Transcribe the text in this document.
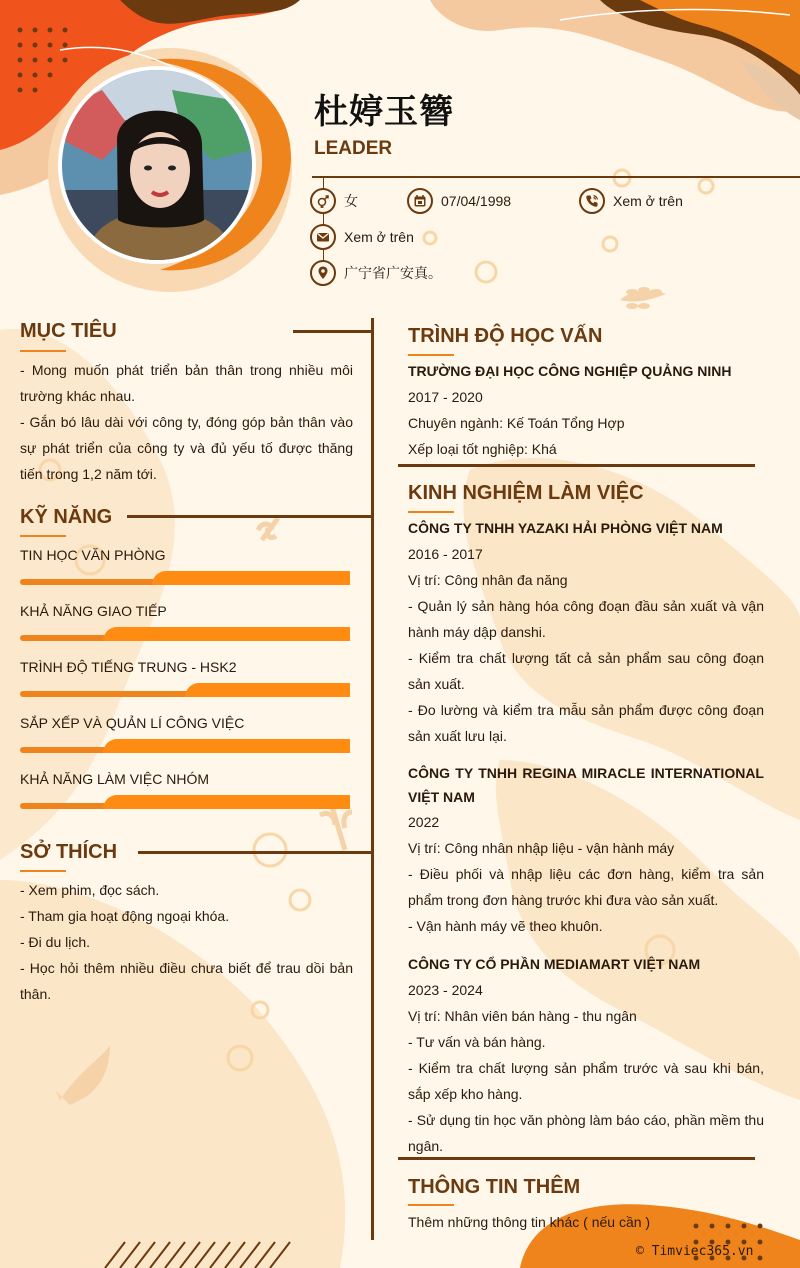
杜婷玉簪
LEADER
女	07/04/1998	Xem ở trên
Xem ở trên
广宁省广安真。
MỤC TIÊU

- Mong muốn phát triển bản thân trong nhiều môi trường khác nhau.

- Gắn bó lâu dài với công ty, đóng góp bản thân vào sự phát triển của công ty và đủ yếu tố được thăng tiến trong 1,2 năm tới.

KỸ NĂNG
TIN HỌC VĂN PHÒNG
KHẢ NĂNG GIAO TIẾP
TRÌNH ĐỘ TIẾNG TRUNG - HSK2
SẮP XẾP VÀ QUẢN LÍ CÔNG VIỆC
KHẢ NĂNG LÀM VIỆC NHÓM
SỞ THÍCH

- Xem phim, đọc sách.

- Tham gia hoạt động ngoại khóa.

- Đi du lịch.

- Học hỏi thêm nhiều điều chưa biết để trau dồi bản thân.

TRÌNH ĐỘ HỌC VẤN

TRƯỜNG ĐẠI HỌC CÔNG NGHIỆP QUẢNG NINH

2017 - 2020

Chuyên ngành: Kế Toán Tổng Hợp

Xếp loại tốt nghiệp: Khá

KINH NGHIỆM LÀM VIỆC

CÔNG TY TNHH YAZAKI HẢI PHÒNG VIỆT NAM

2016 - 2017

Vị trí: Công nhân đa năng

- Quản lý sản hàng hóa công đoạn đầu sản xuất và vận hành máy dập danshi.

- Kiểm tra chất lượng tất cả sản phẩm sau công đoạn sản xuất.

- Đo lường và kiểm tra mẫu sản phẩm được công đoạn sản xuất lưu lại.

CÔNG TY TNHH REGINA MIRACLE INTERNATIONAL VIỆT NAM

2022

Vị trí: Công nhân nhập liệu - vận hành máy

- Điều phối và nhập liệu các đơn hàng, kiểm tra sản phẩm trong đơn hàng trước khi đưa vào sản xuất.

- Vận hành máy vẽ theo khuôn.

CÔNG TY CỔ PHẦN MEDIAMART VIỆT NAM

2023 - 2024

Vị trí: Nhân viên bán hàng - thu ngân

- Tư vấn và bán hàng.

- Kiểm tra chất lượng sản phẩm trước và sau khi bán, sắp xếp kho hàng.

- Sử dụng tin học văn phòng làm báo cáo, phần mềm thu ngân.

THÔNG TIN THÊM
Thêm những thông tin khác ( nếu cần )
© Timviec365.vn
